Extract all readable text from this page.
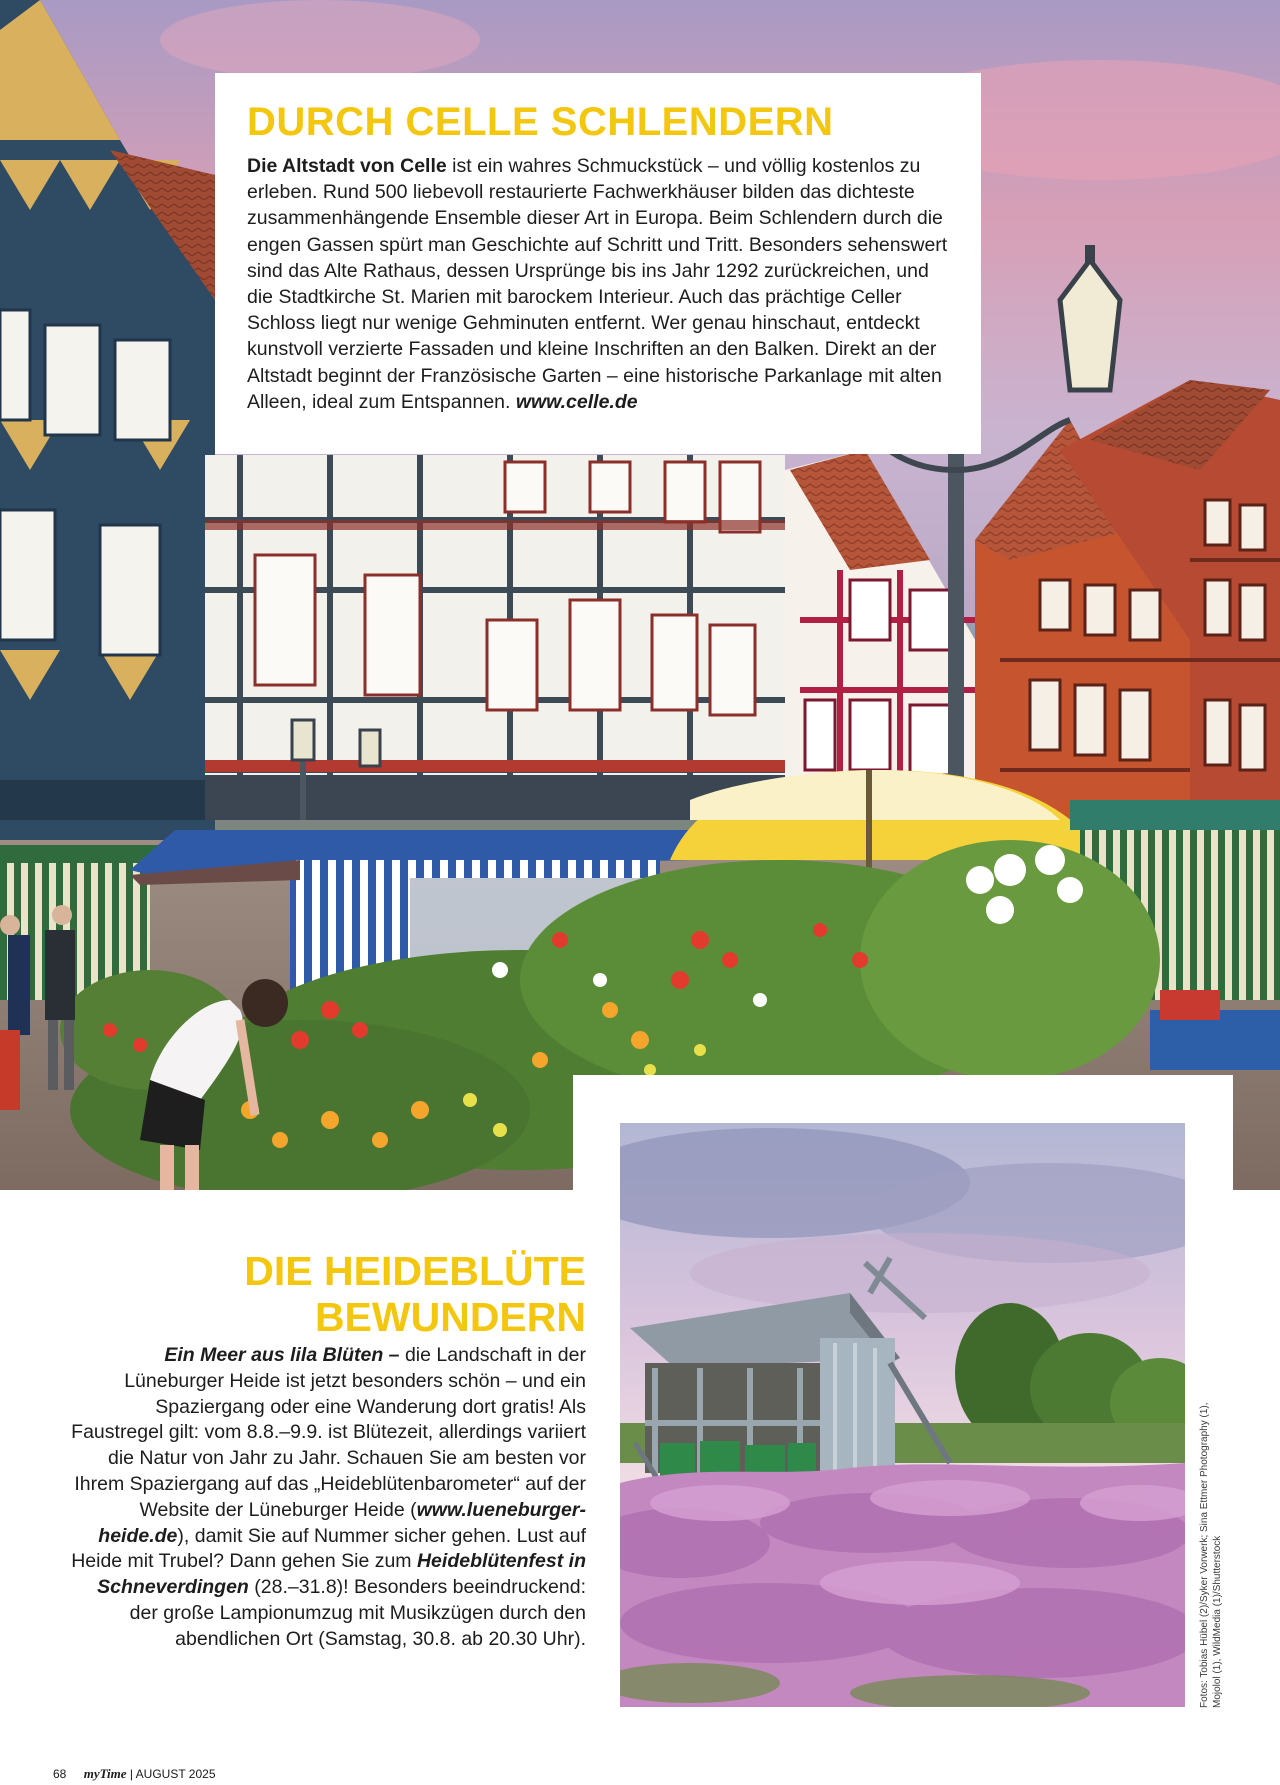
DURCH CELLE SCHLENDERN

Die Altstadt von Celle ist ein wahres Schmuckstück – und völlig kostenlos zu erleben. Rund 500 liebevoll restaurierte Fachwerkhäuser bilden das dichteste zusammenhängende Ensemble dieser Art in Europa. Beim Schlendern durch die engen Gassen spürt man Geschichte auf Schritt und Tritt. Besonders sehenswert sind das Alte Rathaus, dessen Ursprünge bis ins Jahr 1292 zurückreichen, und die Stadtkirche St. Marien mit barockem Interieur. Auch das prächtige Celler Schloss liegt nur wenige Gehminuten entfernt. Wer genau hinschaut, entdeckt kunstvoll verzierte Fassaden und kleine Inschriften an den Balken. Direkt an der Altstadt beginnt der Französische Garten – eine historische Parkanlage mit alten Alleen, ideal zum Entspannen. www.celle.de

DIE HEIDEBLÜTE
BEWUNDERN

Ein Meer aus lila Blüten – die Landschaft in der Lüneburger Heide ist jetzt besonders schön – und ein Spaziergang oder eine Wanderung dort gratis! Als Faustregel gilt: vom 8.8.–9.9. ist Blütezeit, allerdings variiert die Natur von Jahr zu Jahr. Schauen Sie am besten vor Ihrem Spaziergang auf das „Heideblütenbarometer“ auf der Website der Lüneburger Heide (www.lueneburger-heide.de), damit Sie auf Nummer sicher gehen. Lust auf Heide mit Trubel? Dann gehen Sie zum Heideblütenfest in Schneverdingen (28.–31.8)! Besonders beeindruckend: der große Lampionumzug mit Musikzügen durch den abendlichen Ort (Samstag, 30.8. ab 20.30 Uhr).	Fotos: Tobias Hübel (2)/Syker Vorwerk; Sina Ettmer Photography (1), Mojolol (1), WildMedia (1)/Shutterstock
68 myTime | AUGUST 2025
